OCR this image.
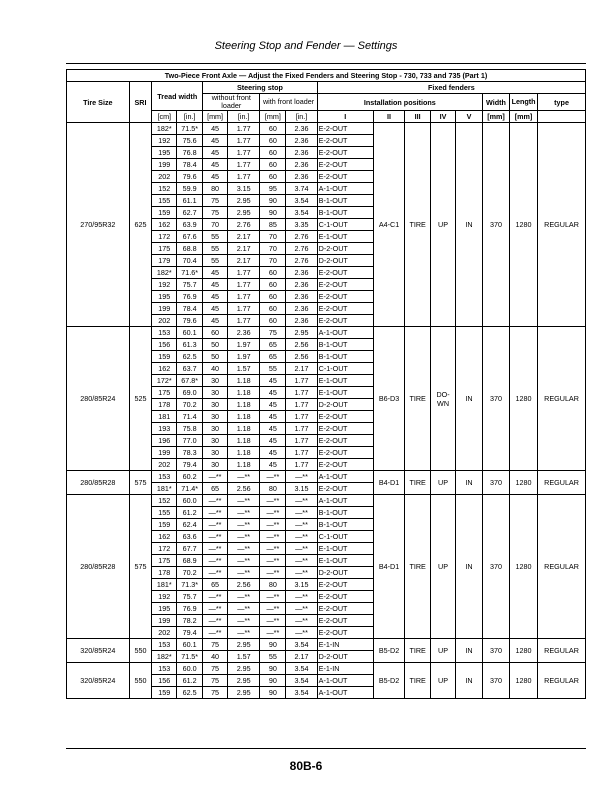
Steering Stop and Fender — Settings
Two-Piece Front Axle — Adjust the Fixed Fenders and Steering Stop - 730, 733 and 735 (Part 1)															
Tire Size	SRI	Tread width		Steering stop				Fixed fenders							
				without front loader		with front loader		Installation positions					Width	Length	type
		[cm]	[in.]	[mm]	[in.]	[mm]	[in.]	I	II	III	IV	V	[mm]	[mm]	
270/95R32	625	182*	71.5*	45	1.77	60	2.36	E-2-OUT	A4-C1	TIRE	UP	IN	370	1280	REGULAR
		192	75.6	45	1.77	60	2.36	E-2-OUT							
		195	76.8	45	1.77	60	2.36	E-2-OUT							
		199	78.4	45	1.77	60	2.36	E-2-OUT							
		202	79.6	45	1.77	60	2.36	E-2-OUT							
		152	59.9	80	3.15	95	3.74	A-1-OUT							
		155	61.1	75	2.95	90	3.54	B-1-OUT							
		159	62.7	75	2.95	90	3.54	B-1-OUT							
		162	63.9	70	2.76	85	3.35	C-1-OUT							
		172	67.6	55	2.17	70	2.76	E-1-OUT							
		175	68.8	55	2.17	70	2.76	D-2-OUT							
		179	70.4	55	2.17	70	2.76	D-2-OUT							
		182*	71.6*	45	1.77	60	2.36	E-2-OUT							
		192	75.7	45	1.77	60	2.36	E-2-OUT							
		195	76.9	45	1.77	60	2.36	E-2-OUT							
		199	78.4	45	1.77	60	2.36	E-2-OUT							
		202	79.6	45	1.77	60	2.36	E-2-OUT							
280/85R24	525	153	60.1	60	2.36	75	2.95	A-1-OUT	B6-D3	TIRE	DO-WN	IN	370	1280	REGULAR
		156	61.3	50	1.97	65	2.56	B-1-OUT							
		159	62.5	50	1.97	65	2.56	B-1-OUT							
		162	63.7	40	1.57	55	2.17	C-1-OUT							
		172*	67.8*	30	1.18	45	1.77	E-1-OUT							
		175	69.0	30	1.18	45	1.77	E-1-OUT							
		178	70.2	30	1.18	45	1.77	D-2-OUT							
		181	71.4	30	1.18	45	1.77	E-2-OUT							
		193	75.8	30	1.18	45	1.77	E-2-OUT							
		196	77.0	30	1.18	45	1.77	E-2-OUT							
		199	78.3	30	1.18	45	1.77	E-2-OUT							
		202	79.4	30	1.18	45	1.77	E-2-OUT							
280/85R28	575	153	60.2	—**	—**	—**	—**	A-1-OUT	B4-D1	TIRE	UP	IN	370	1280	REGULAR
		181*	71.4*	65	2.56	80	3.15	E-2-OUT							
280/85R28	575	152	60.0	—**	—**	—**	—**	A-1-OUT	B4-D1	TIRE	UP	IN	370	1280	REGULAR
		155	61.2	—**	—**	—**	—**	B-1-OUT							
		159	62.4	—**	—**	—**	—**	B-1-OUT							
		162	63.6	—**	—**	—**	—**	C-1-OUT							
		172	67.7	—**	—**	—**	—**	E-1-OUT							
		175	68.9	—**	—**	—**	—**	E-1-OUT							
		178	70.2	—**	—**	—**	—**	D-2-OUT							
		181*	71.3*	65	2.56	80	3.15	E-2-OUT							
		192	75.7	—**	—**	—**	—**	E-2-OUT							
		195	76.9	—**	—**	—**	—**	E-2-OUT							
		199	78.2	—**	—**	—**	—**	E-2-OUT							
		202	79.4	—**	—**	—**	—**	E-2-OUT							
320/85R24	550	153	60.1	75	2.95	90	3.54	E-1-IN	B5-D2	TIRE	UP	IN	370	1280	REGULAR
		182*	71.5*	40	1.57	55	2.17	D-2-OUT							
320/85R24	550	153	60.0	75	2.95	90	3.54	E-1-IN	B5-D2	TIRE	UP	IN	370	1280	REGULAR
		156	61.2	75	2.95	90	3.54	A-1-OUT							
		159	62.5	75	2.95	90	3.54	A-1-OUT							
80B-6
